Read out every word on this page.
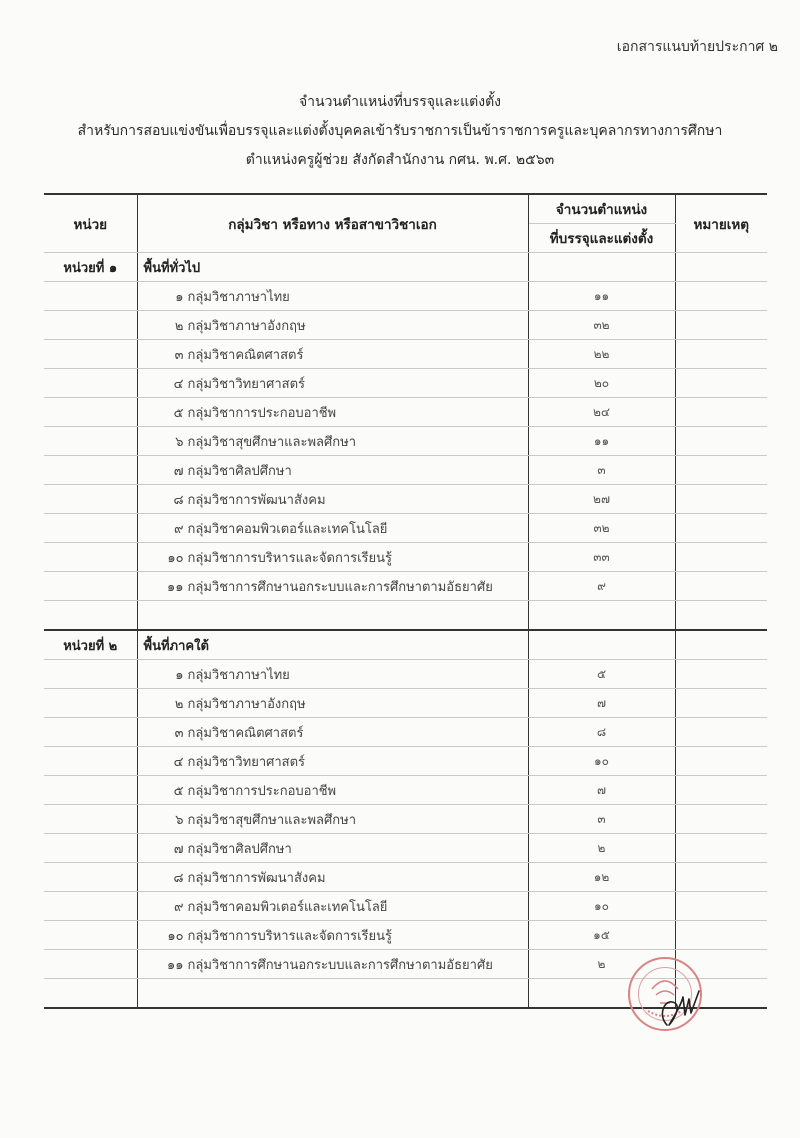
เอกสารแนบท้ายประกาศ ๒
จำนวนตำแหน่งที่บรรจุและแต่งตั้ง
สำหรับการสอบแข่งขันเพื่อบรรจุและแต่งตั้งบุคคลเข้ารับราชการเป็นข้าราชการครูและบุคลากรทางการศึกษา
ตำแหน่งครูผู้ช่วย สังกัดสำนักงาน กศน. พ.ศ. ๒๕๖๓
หน่วย	กลุ่มวิชา หรือทาง หรือสาขาวิชาเอก	จำนวนตำแหน่ง	หมายเหตุ
		ที่บรรจุและแต่งตั้ง	
หน่วยที่ ๑	พื้นที่ทั่วไป		
	๑ กลุ่มวิชาภาษาไทย	๑๑	
	๒ กลุ่มวิชาภาษาอังกฤษ	๓๒	
	๓ กลุ่มวิชาคณิตศาสตร์	๒๒	
	๔ กลุ่มวิชาวิทยาศาสตร์	๒๐	
	๕ กลุ่มวิชาการประกอบอาชีพ	๒๔	
	๖ กลุ่มวิชาสุขศึกษาและพลศึกษา	๑๑	
	๗ กลุ่มวิชาศิลปศึกษา	๓	
	๘ กลุ่มวิชาการพัฒนาสังคม	๒๗	
	๙ กลุ่มวิชาคอมพิวเตอร์และเทคโนโลยี	๓๒	
	๑๐ กลุ่มวิชาการบริหารและจัดการเรียนรู้	๓๓	
	๑๑ กลุ่มวิชาการศึกษานอกระบบและการศึกษาตามอัธยาศัย	๙	

หน่วยที่ ๒	พื้นที่ภาคใต้		
	๑ กลุ่มวิชาภาษาไทย	๕	
	๒ กลุ่มวิชาภาษาอังกฤษ	๗	
	๓ กลุ่มวิชาคณิตศาสตร์	๘	
	๔ กลุ่มวิชาวิทยาศาสตร์	๑๐	
	๕ กลุ่มวิชาการประกอบอาชีพ	๗	
	๖ กลุ่มวิชาสุขศึกษาและพลศึกษา	๓	
	๗ กลุ่มวิชาศิลปศึกษา	๒	
	๘ กลุ่มวิชาการพัฒนาสังคม	๑๒	
	๙ กลุ่มวิชาคอมพิวเตอร์และเทคโนโลยี	๑๐	
	๑๐ กลุ่มวิชาการบริหารและจัดการเรียนรู้	๑๕	
	๑๑ กลุ่มวิชาการศึกษานอกระบบและการศึกษาตามอัธยาศัย	๒	
